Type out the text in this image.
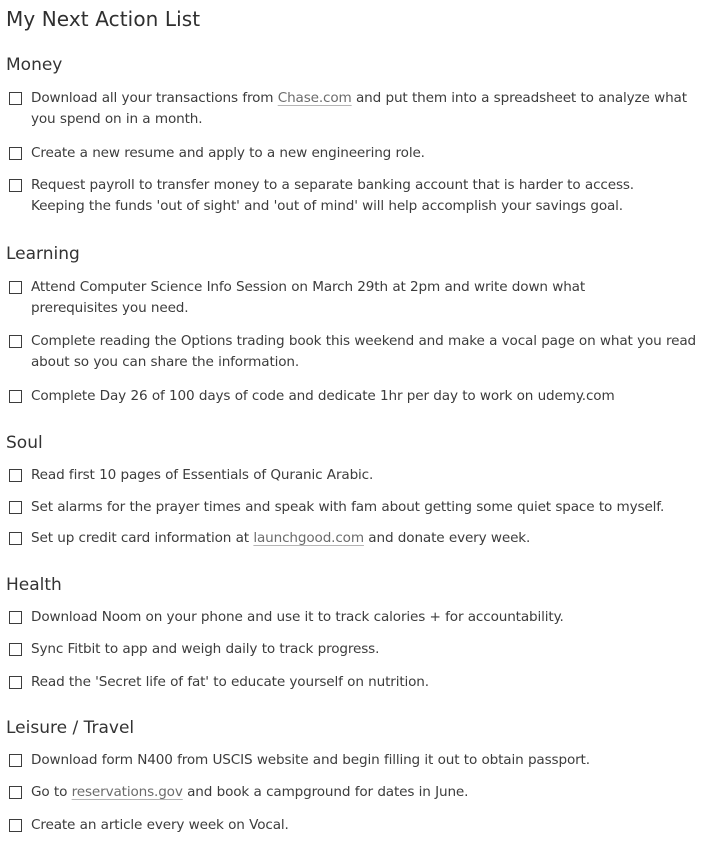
My Next Action List
Money
Download all your transactions from Chase.com and put them into a spreadsheet to analyze what you spend on in a month.
Create a new resume and apply to a new engineering role.
Request payroll to transfer money to a separate banking account that is harder to access. Keeping the funds 'out of sight' and 'out of mind' will help accomplish your savings goal.
Learning
Attend Computer Science Info Session on March 29th at 2pm and write down what prerequisites you need.
Complete reading the Options trading book this weekend and make a vocal page on what you read about so you can share the information.
Complete Day 26 of 100 days of code and dedicate 1hr per day to work on udemy.com
Soul
Read first 10 pages of Essentials of Quranic Arabic.
Set alarms for the prayer times and speak with fam about getting some quiet space to myself.
Set up credit card information at launchgood.com and donate every week.
Health
Download Noom on your phone and use it to track calories + for accountability.
Sync Fitbit to app and weigh daily to track progress.
Read the 'Secret life of fat' to educate yourself on nutrition.
Leisure / Travel
Download form N400 from USCIS website and begin filling it out to obtain passport.
Go to reservations.gov and book a campground for dates in June.
Create an article every week on Vocal.
